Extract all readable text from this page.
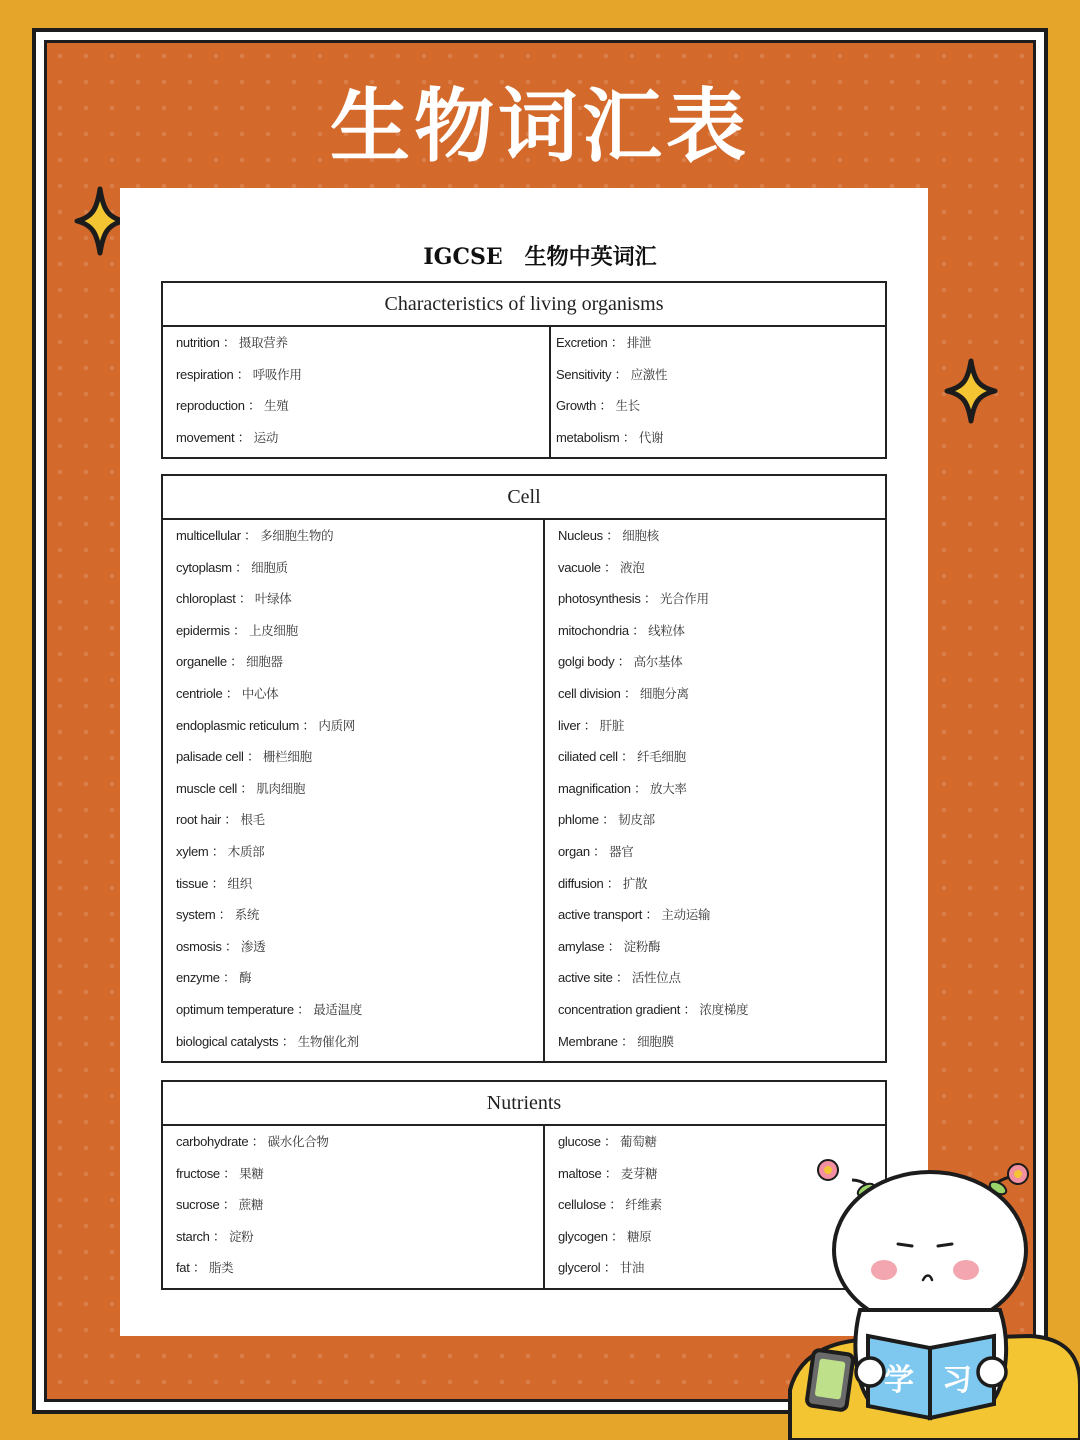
生物词汇表
IGCSE 生物中英词汇
Characteristics of living organisms
nutrition ： 摄取营养
respiration ： 呼吸作用
reproduction ： 生殖
movement ： 运动
Excretion ： 排泄
Sensitivity ： 应激性
Growth ： 生长
metabolism ： 代谢
Cell
multicellular ： 多细胞生物的
cytoplasm ： 细胞质
chloroplast ： 叶绿体
epidermis ： 上皮细胞
organelle ： 细胞器
centriole ： 中心体
endoplasmic reticulum ： 内质网
palisade cell ： 栅栏细胞
muscle cell ： 肌肉细胞
root hair ： 根毛
xylem ： 木质部
tissue ： 组织
system ： 系统
osmosis ： 渗透
enzyme ： 酶
optimum temperature ： 最适温度
biological catalysts ： 生物催化剂
Nucleus ： 细胞核
vacuole ： 液泡
photosynthesis ： 光合作用
mitochondria ： 线粒体
golgi body ： 高尔基体
cell division ： 细胞分离
liver ： 肝脏
ciliated cell ： 纤毛细胞
magnification ： 放大率
phlome ： 韧皮部
organ ： 器官
diffusion ： 扩散
active transport ： 主动运输
amylase ： 淀粉酶
active site ： 活性位点
concentration gradient ： 浓度梯度
Membrane ： 细胞膜
Nutrients
carbohydrate ： 碳水化合物
fructose ： 果糖
sucrose ： 蔗糖
starch ： 淀粉
fat ： 脂类
glucose ： 葡萄糖
maltose ： 麦芽糖
cellulose ： 纤维素
glycogen ： 糖原
glycerol ： 甘油
学 习
